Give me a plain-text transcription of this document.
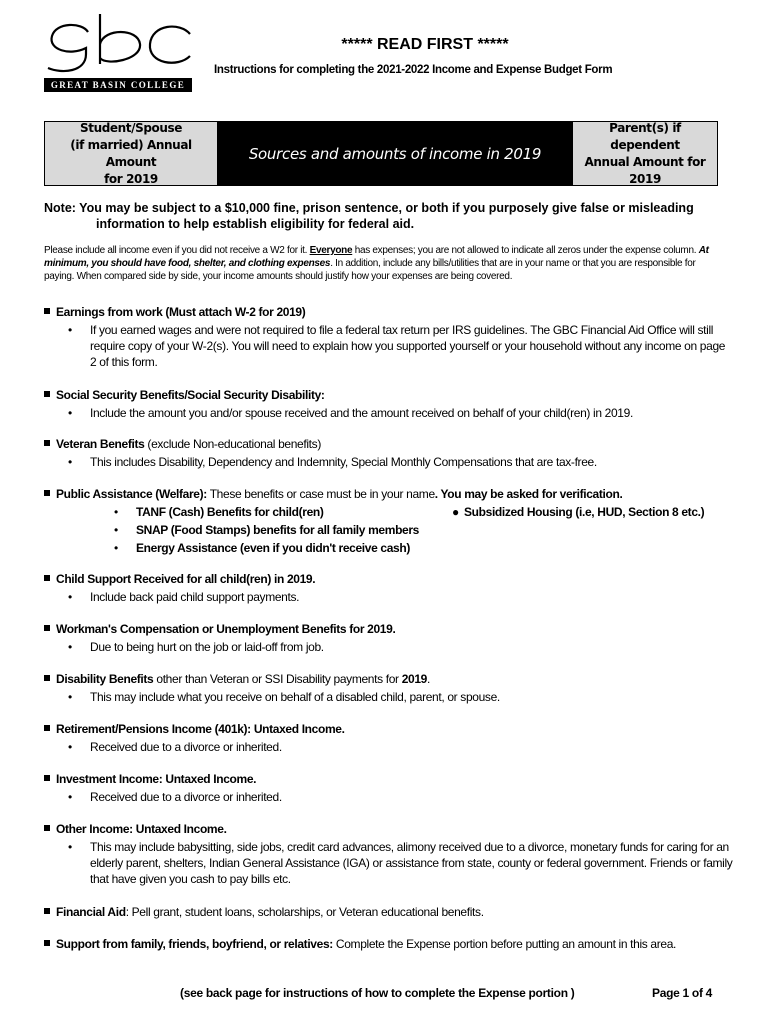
GREAT BASIN COLLEGE
***** READ FIRST *****
Instructions for completing the 2021-2022 Income and Expense Budget Form
Student/Spouse
(if married) Annual Amount
for 2019
Sources and amounts of income in 2019
Parent(s) if dependent
Annual Amount for
2019
Note: You may be subject to a $10,000 fine, prison sentence, or both if you purposely give false or misleading
information to help establish eligibility for federal aid.
Please include all income even if you did not receive a W2 for it. Everyone has expenses; you are not allowed to indicate all zeros under the expense column. At minimum, you should have food, shelter, and clothing expenses. In addition, include any bills/utilities that are in your name or that you are responsible for paying. When compared side by side, your income amounts should justify how your expenses are being covered.
Earnings from work (Must attach W-2 for 2019)
• If you earned wages and were not required to file a federal tax return per IRS guidelines. The GBC Financial Aid Office will still require copy of your W-2(s). You will need to explain how you supported yourself or your household without any income on page 2 of this form.
Social Security Benefits/Social Security Disability:
• Include the amount you and/or spouse received and the amount received on behalf of your child(ren) in 2019.
Veteran Benefits (exclude Non-educational benefits)
• This includes Disability, Dependency and Indemnity, Special Monthly Compensations that are tax-free.
Public Assistance (Welfare): These benefits or case must be in your name. You may be asked for verification.
• TANF (Cash) Benefits for child(ren)
• SNAP (Food Stamps) benefits for all family members
• Energy Assistance (even if you didn't receive cash)
● Subsidized Housing (i.e, HUD, Section 8 etc.)
Child Support Received for all child(ren) in 2019.
• Include back paid child support payments.
Workman's Compensation or Unemployment Benefits for 2019.
• Due to being hurt on the job or laid-off from job.
Disability Benefits other than Veteran or SSI Disability payments for 2019.
• This may include what you receive on behalf of a disabled child, parent, or spouse.
Retirement/Pensions Income (401k): Untaxed Income.
• Received due to a divorce or inherited.
Investment Income: Untaxed Income.
• Received due to a divorce or inherited.
Other Income: Untaxed Income.
• This may include babysitting, side jobs, credit card advances, alimony received due to a divorce, monetary funds for caring for an elderly parent, shelters, Indian General Assistance (IGA) or assistance from state, county or federal government. Friends or family that have given you cash to pay bills etc.
Financial Aid: Pell grant, student loans, scholarships, or Veteran educational benefits.
Support from family, friends, boyfriend, or relatives: Complete the Expense portion before putting an amount in this area.
(see back page for instructions of how to complete the Expense portion )	Page 1 of 4
